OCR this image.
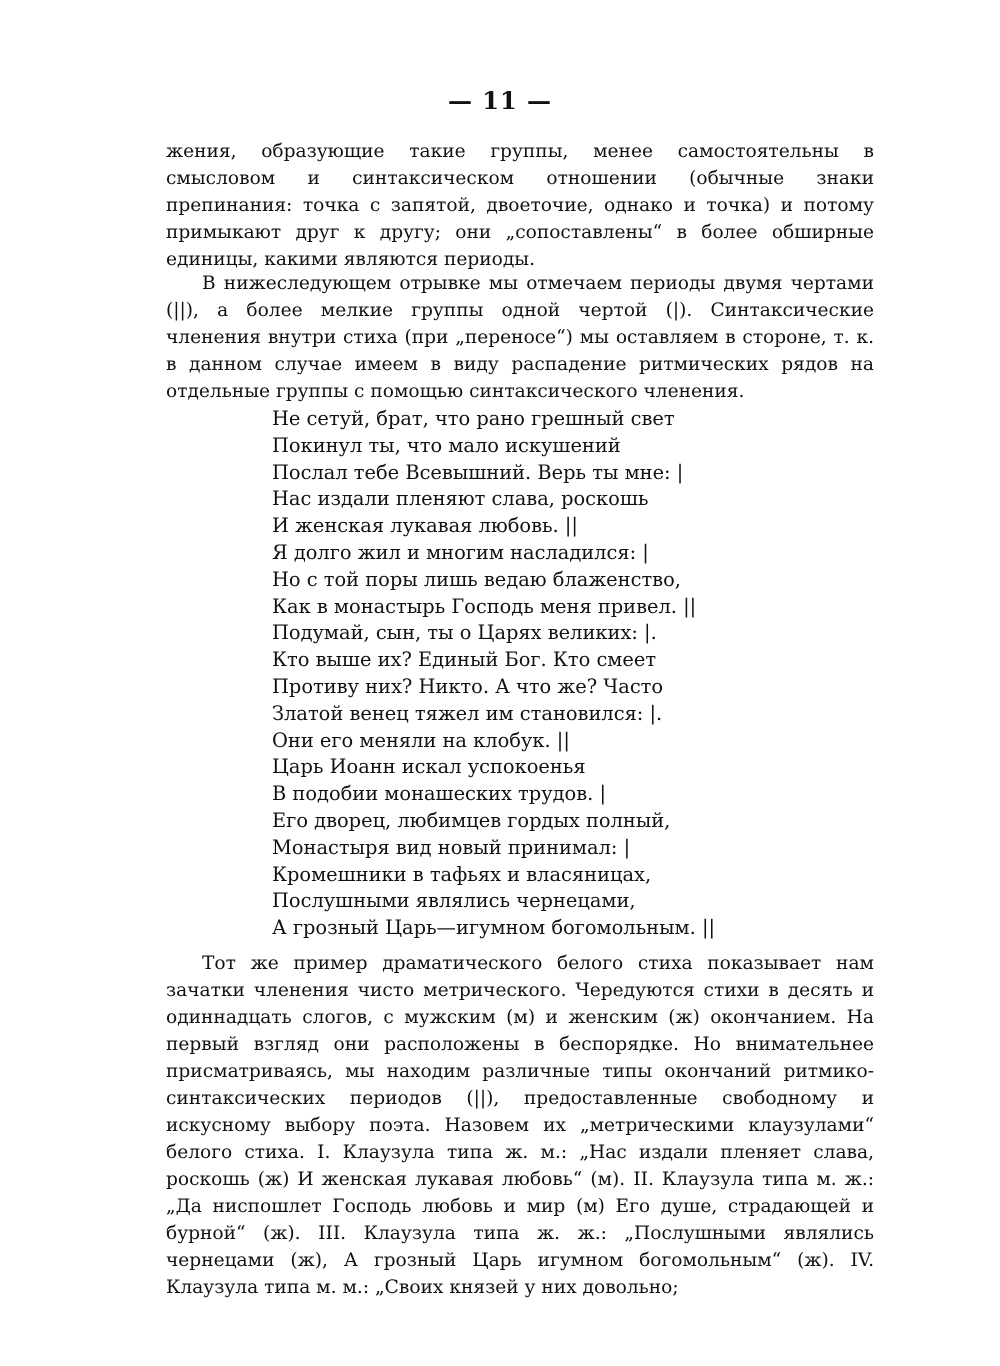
— 11 —

жения, образующие такие группы, менее самостоятельны в смысловом и синтаксическом отношении (обычные знаки препинания: точка с запятой, двоеточие, однако и точка) и потому примыкают друг к другу; они „сопоставлены“ в более обширные единицы, какими являются периоды.

В нижеследующем отрывке мы отмечаем периоды двумя чертами (||), а более мелкие группы одной чертой (|). Синтаксические членения внутри стиха (при „переносе“) мы оставляем в стороне, т. к. в данном случае имеем в виду распадение ритмических рядов на отдельные группы с помощью синтаксического членения.

Не сетуй, брат, что рано грешный свет
Покинул ты, что мало искушений
Послал тебе Всевышний. Верь ты мне: |
Нас издали пленяют слава, роскошь
И женская лукавая любовь. ||
Я долго жил и многим насладился: |
Но с той поры лишь ведаю блаженство,
Как в монастырь Господь меня привел. ||
Подумай, сын, ты о Царях великих: |.
Кто выше их? Единый Бог. Кто смеет
Противу них? Никто. А что же? Часто
Златой венец тяжел им становился: |.
Они его меняли на клобук. ||
Царь Иоанн искал успокоенья
В подобии монашеских трудов. |
Его дворец, любимцев гордых полный,
Монастыря вид новый принимал: |
Кромешники в тафьях и власяницах,
Послушными являлись чернецами,
А грозный Царь—игумном богомольным. ||

Тот же пример драматического белого стиха показывает нам зачатки членения чисто метрического. Чередуются стихи в десять и одиннадцать слогов, с мужским (м) и женским (ж) окончанием. На первый взгляд они расположены в беспорядке. Но внимательнее присматриваясь, мы находим различные типы окончаний ритмико-синтаксических периодов (||), предоставленные свободному и искусному выбору поэта. Назовем их „метрическими клаузулами“ белого стиха. I. Клаузула типа ж. м.: „Нас издали пленяет слава, роскошь (ж) И женская лукавая любовь“ (м). II. Клаузула типа м. ж.: „Да ниспошлет Господь любовь и мир (м) Его душе, страдающей и бурной“ (ж). III. Клаузула типа ж. ж.: „Послушными являлись чернецами (ж), А грозный Царь игумном богомольным“ (ж). IV. Клаузула типа м. м.: „Своих князей у них довольно;
